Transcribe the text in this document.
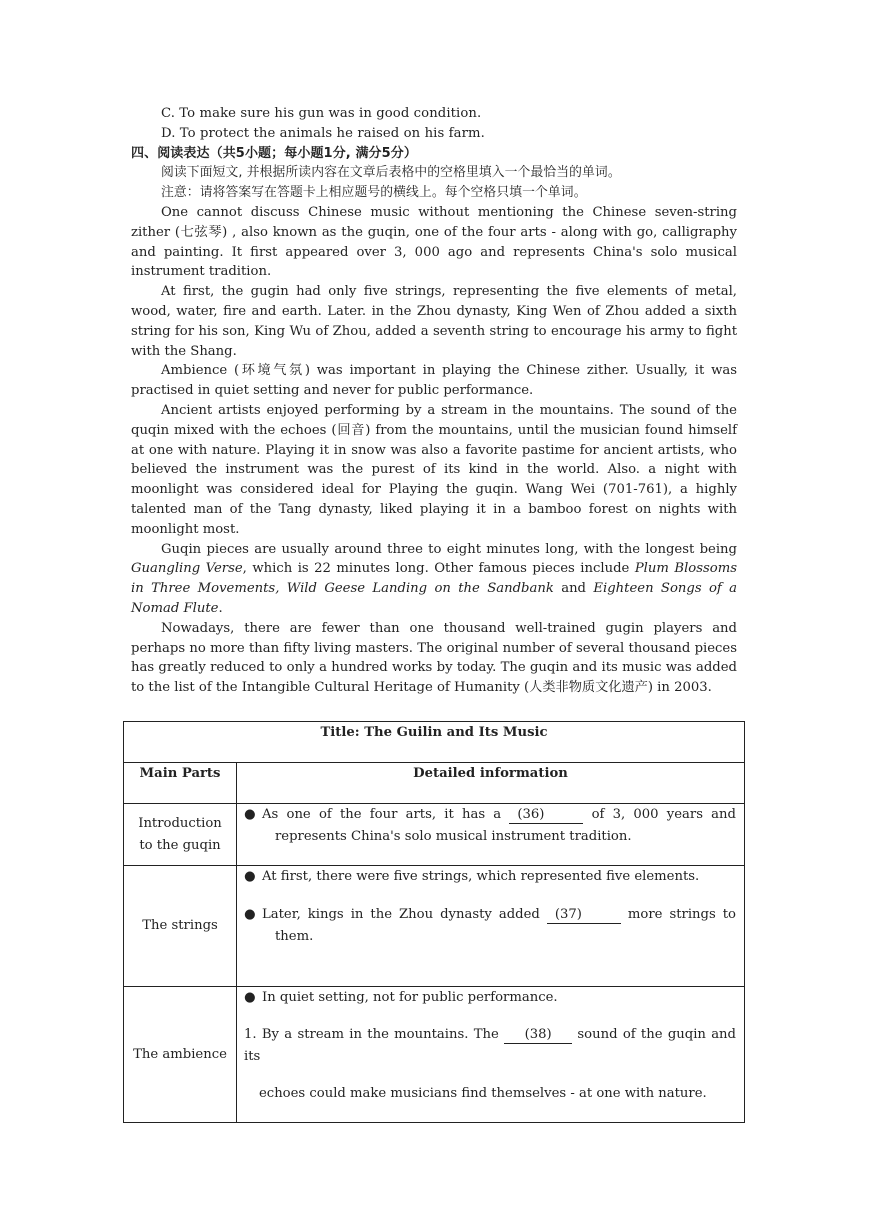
C. To make sure his gun was in good condition.
D. To protect the animals he raised on his farm.
四、阅读表达（共5小题；每小题1分, 满分5分）
阅读下面短文, 并根据所读内容在文章后表格中的空格里填入一个最恰当的单词。
注意：请将答案写在答题卡上相应题号的横线上。每个空格只填一个单词。

One cannot discuss Chinese music without mentioning the Chinese seven-string zither (七弦琴) , also known as the guqin, one of the four arts - along with go, calligraphy and painting. It first appeared over 3, 000 ago and represents China's solo musical instrument tradition.

At first, the gugin had only five strings, representing the five elements of metal, wood, water, fire and earth. Later. in the Zhou dynasty, King Wen of Zhou added a sixth string for his son, King Wu of Zhou, added a seventh string to encourage his army to fight with the Shang.

Ambience (环境气氛) was important in playing the Chinese zither. Usually, it was practised in quiet setting and never for public performance.

Ancient artists enjoyed performing by a stream in the mountains. The sound of the quqin mixed with the echoes (回音) from the mountains, until the musician found himself at one with nature. Playing it in snow was also a favorite pastime for ancient artists, who believed the instrument was the purest of its kind in the world. Also. a night with moonlight was considered ideal for Playing the guqin. Wang Wei (701-761), a highly talented man of the Tang dynasty, liked playing it in a bamboo forest on nights with moonlight most.

Guqin pieces are usually around three to eight minutes long, with the longest being Guangling Verse, which is 22 minutes long. Other famous pieces include Plum Blossoms in Three Movements, Wild Geese Landing on the Sandbank and Eighteen Songs of a Nomad Flute.

Nowadays, there are fewer than one thousand well-trained gugin players and perhaps no more than fifty living masters. The original number of several thousand pieces has greatly reduced to only a hundred works by today. The guqin and its music was added to the list of the Intangible Cultural Heritage of Humanity (人类非物质文化遗产) in 2003.

Title: The Guilin and Its Music	
Main Parts	Detailed information

Introduction
to the guqin	● As one of the four arts, it has a (36) of 3, 000 years and represents China's solo musical instrument tradition.

The strings	● At first, there were five strings, which represented five elements.
● Later, kings in the Zhou dynasty added (37) more strings to them.

The ambience	● In quiet setting, not for public performance.
1. By a stream in the mountains. The (38) sound of the guqin and its
echoes could make musicians find themselves - at one with nature.
